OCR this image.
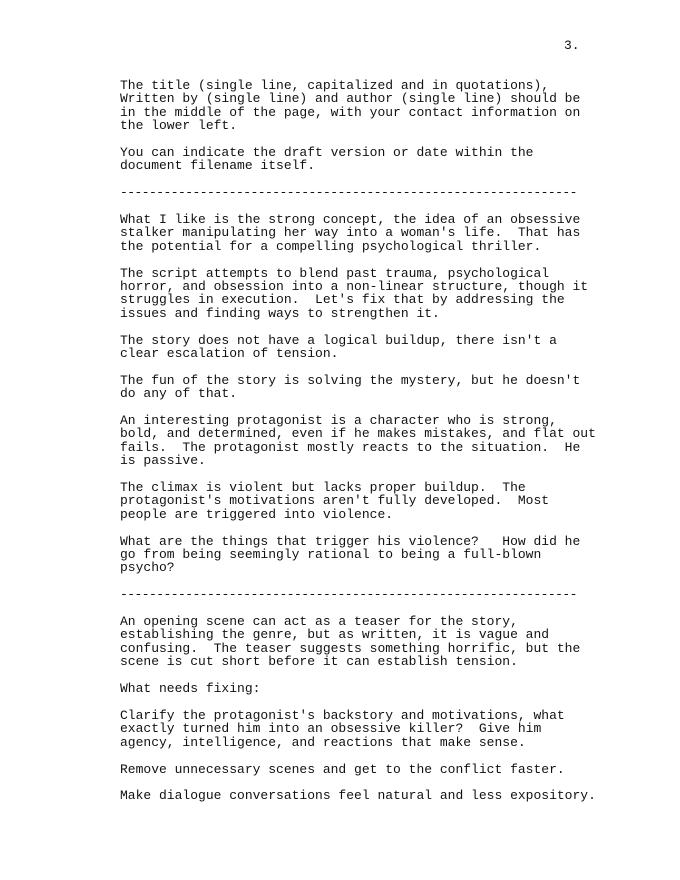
3.
The title (single line, capitalized and in quotations),
Written by (single line) and author (single line) should be
in the middle of the page, with your contact information on
the lower left.
You can indicate the draft version or date within the
document filename itself.
---------------------------------------------------------------
What I like is the strong concept, the idea of an obsessive
stalker manipulating her way into a woman's life.  That has
the potential for a compelling psychological thriller.
The script attempts to blend past trauma, psychological
horror, and obsession into a non-linear structure, though it
struggles in execution.  Let's fix that by addressing the
issues and finding ways to strengthen it.
The story does not have a logical buildup, there isn't a
clear escalation of tension.
The fun of the story is solving the mystery, but he doesn't
do any of that.
An interesting protagonist is a character who is strong,
bold, and determined, even if he makes mistakes, and flat out
fails.  The protagonist mostly reacts to the situation.  He
is passive.
The climax is violent but lacks proper buildup.  The
protagonist's motivations aren't fully developed.  Most
people are triggered into violence.
What are the things that trigger his violence?   How did he
go from being seemingly rational to being a full-blown
psycho?
---------------------------------------------------------------
An opening scene can act as a teaser for the story,
establishing the genre, but as written, it is vague and
confusing.  The teaser suggests something horrific, but the
scene is cut short before it can establish tension.
What needs fixing:
Clarify the protagonist's backstory and motivations, what
exactly turned him into an obsessive killer?  Give him
agency, intelligence, and reactions that make sense.
Remove unnecessary scenes and get to the conflict faster.
Make dialogue conversations feel natural and less expository.
